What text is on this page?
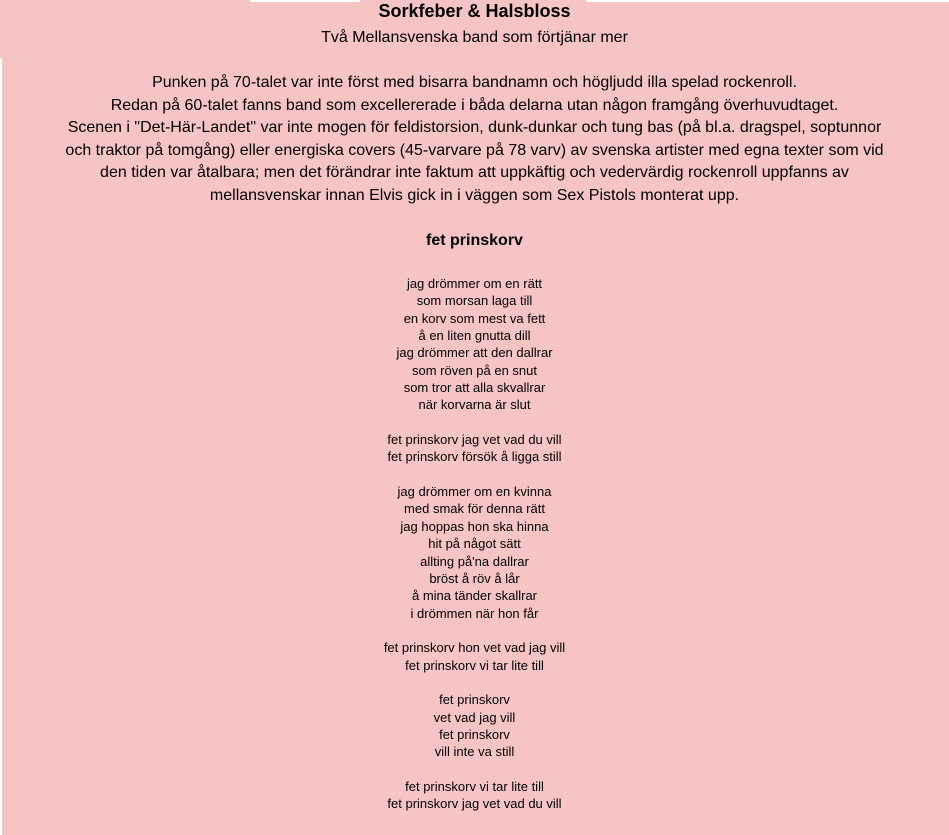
Sorkfeber & Halsbloss
Två Mellansvenska band som förtjänar mer
Punken på 70-talet var inte först med bisarra bandnamn och högljudd illa spelad rockenroll.
Redan på 60-talet fanns band som excellererade i båda delarna utan någon framgång överhuvudtaget.
Scenen i "Det-Här-Landet" var inte mogen för feldistorsion, dunk-dunkar och tung bas (på bl.a. dragspel, soptunnor
och traktor på tomgång) eller energiska covers (45-varvare på 78 varv) av svenska artister med egna texter som vid
den tiden var åtalbara; men det förändrar inte faktum att uppkäftig och vedervärdig rockenroll uppfanns av
mellansvenskar innan Elvis gick in i väggen som Sex Pistols monterat upp.
fet prinskorv
jag drömmer om en rätt
som morsan laga till
en korv som mest va fett
å en liten gnutta dill
jag drömmer att den dallrar
som röven på en snut
som tror att alla skvallrar
när korvarna är slut
fet prinskorv jag vet vad du vill
fet prinskorv försök å ligga still
jag drömmer om en kvinna
med smak för denna rätt
jag hoppas hon ska hinna
hit på något sätt
allting på'na dallrar
bröst å röv å lår
å mina tänder skallrar
i drömmen när hon får
fet prinskorv hon vet vad jag vill
fet prinskorv vi tar lite till
fet prinskorv
vet vad jag vill
fet prinskorv
vill inte va still
fet prinskorv vi tar lite till
fet prinskorv jag vet vad du vill
